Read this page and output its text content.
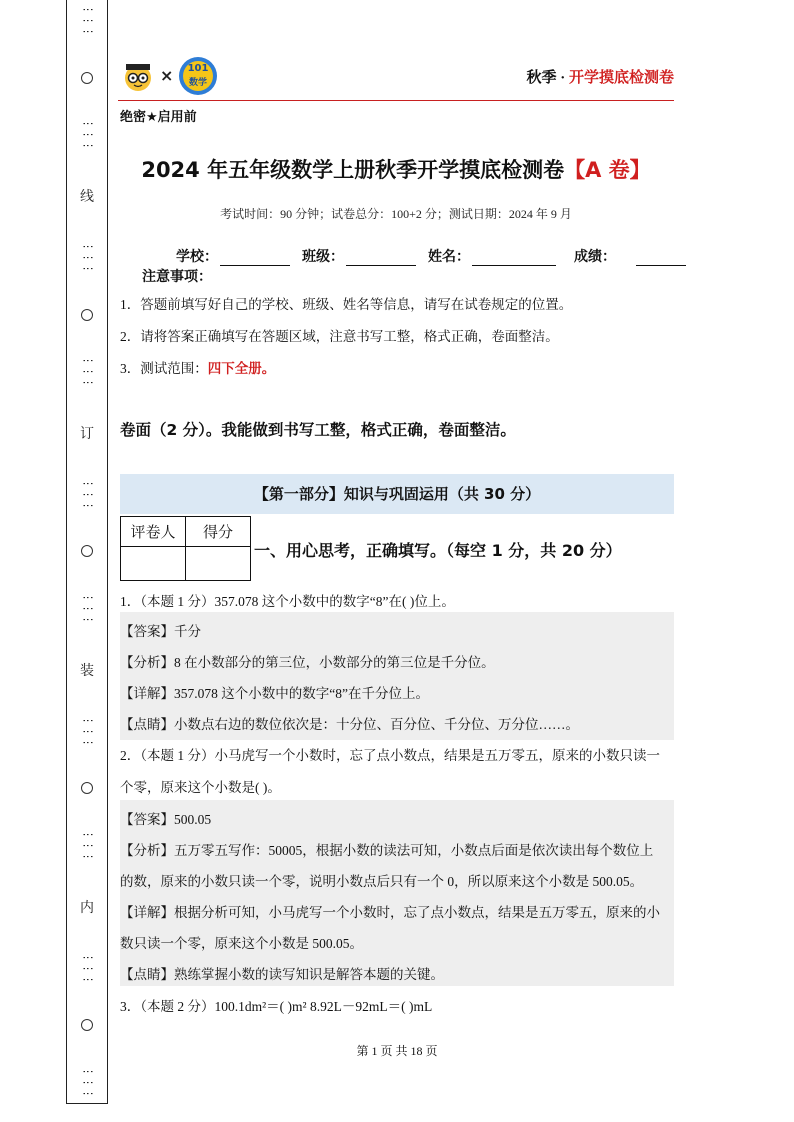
⋮⋮⋮
⋮⋮⋮
线
⋮⋮⋮
⋮⋮⋮
订
⋮⋮⋮
⋮⋮⋮
装
⋮⋮⋮
⋮⋮⋮
内
⋮⋮⋮
⋮⋮⋮
×	101
数学	秋季 · 开学摸底检测卷
绝密★启用前
2024 年五年级数学上册秋季开学摸底检测卷【A 卷】
考试时间：90 分钟；试卷总分：100+2 分；测试日期：2024 年 9 月
学校：	班级：	姓名：	成绩：
注意事项：
1．答题前填写好自己的学校、班级、姓名等信息，请写在试卷规定的位置。
2．请将答案正确填写在答题区域，注意书写工整，格式正确，卷面整洁。
3．测试范围：四下全册。
卷面（2 分）。我能做到书写工整，格式正确，卷面整洁。
【第一部分】知识与巩固运用（共 30 分）
评卷人	得分

一、用心思考，正确填写。（每空 1 分，共 20 分）
1．（本题 1 分）357.078 这个小数中的数字“8”在( )位上。
【答案】千分
【分析】8 在小数部分的第三位，小数部分的第三位是千分位。
【详解】357.078 这个小数中的数字“8”在千分位上。
【点睛】小数点右边的数位依次是：十分位、百分位、千分位、万分位……。
2．（本题 1 分）小马虎写一个小数时，忘了点小数点，结果是五万零五，原来的小数只读一
个零，原来这个小数是( )。
【答案】500.05
【分析】五万零五写作：50005，根据小数的读法可知，小数点后面是依次读出每个数位上
的数，原来的小数只读一个零，说明小数点后只有一个 0，所以原来这个小数是 500.05。
【详解】根据分析可知，小马虎写一个小数时，忘了点小数点，结果是五万零五，原来的小
数只读一个零，原来这个小数是 500.05。
【点睛】熟练掌握小数的读写知识是解答本题的关键。
3．（本题 2 分）100.1dm²＝( )m² 8.92L－92mL＝( )mL
第 1 页 共 18 页
